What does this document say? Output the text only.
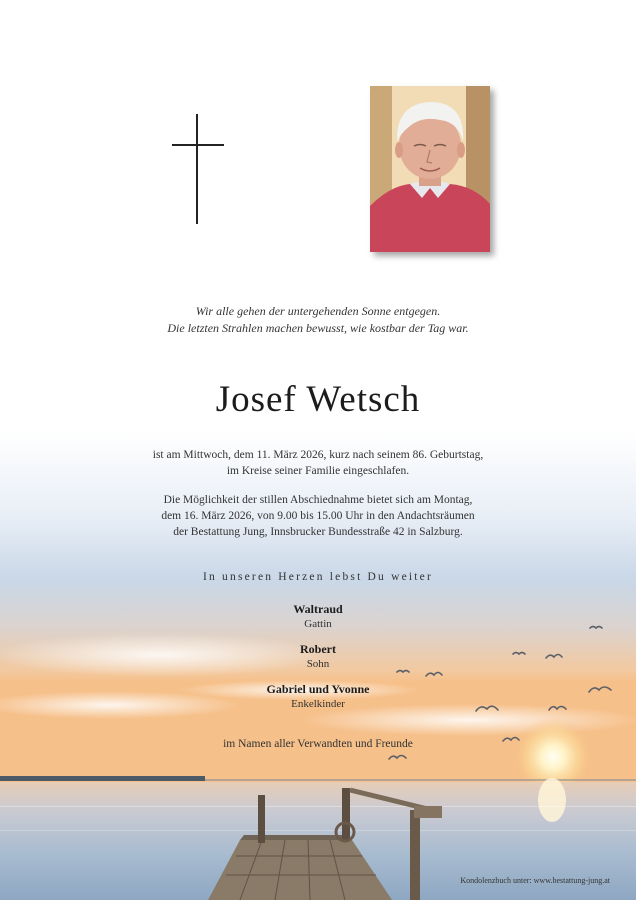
Wir alle gehen der untergehenden Sonne entgegen.
Die letzten Strahlen machen bewusst, wie kostbar der Tag war.
Josef Wetsch
ist am Mittwoch, dem 11. März 2026, kurz nach seinem 86. Geburtstag,
im Kreise seiner Familie eingeschlafen.
Die Möglichkeit der stillen Abschiednahme bietet sich am Montag,
dem 16. März 2026, von 9.00 bis 15.00 Uhr in den Andachtsräumen
der Bestattung Jung, Innsbrucker Bundesstraße 42 in Salzburg.
In unseren Herzen lebst Du weiter
Waltraud
Gattin
Robert
Sohn
Gabriel und Yvonne
Enkelkinder
im Namen aller Verwandten und Freunde
Kondolenzbuch unter: www.bestattung-jung.at
